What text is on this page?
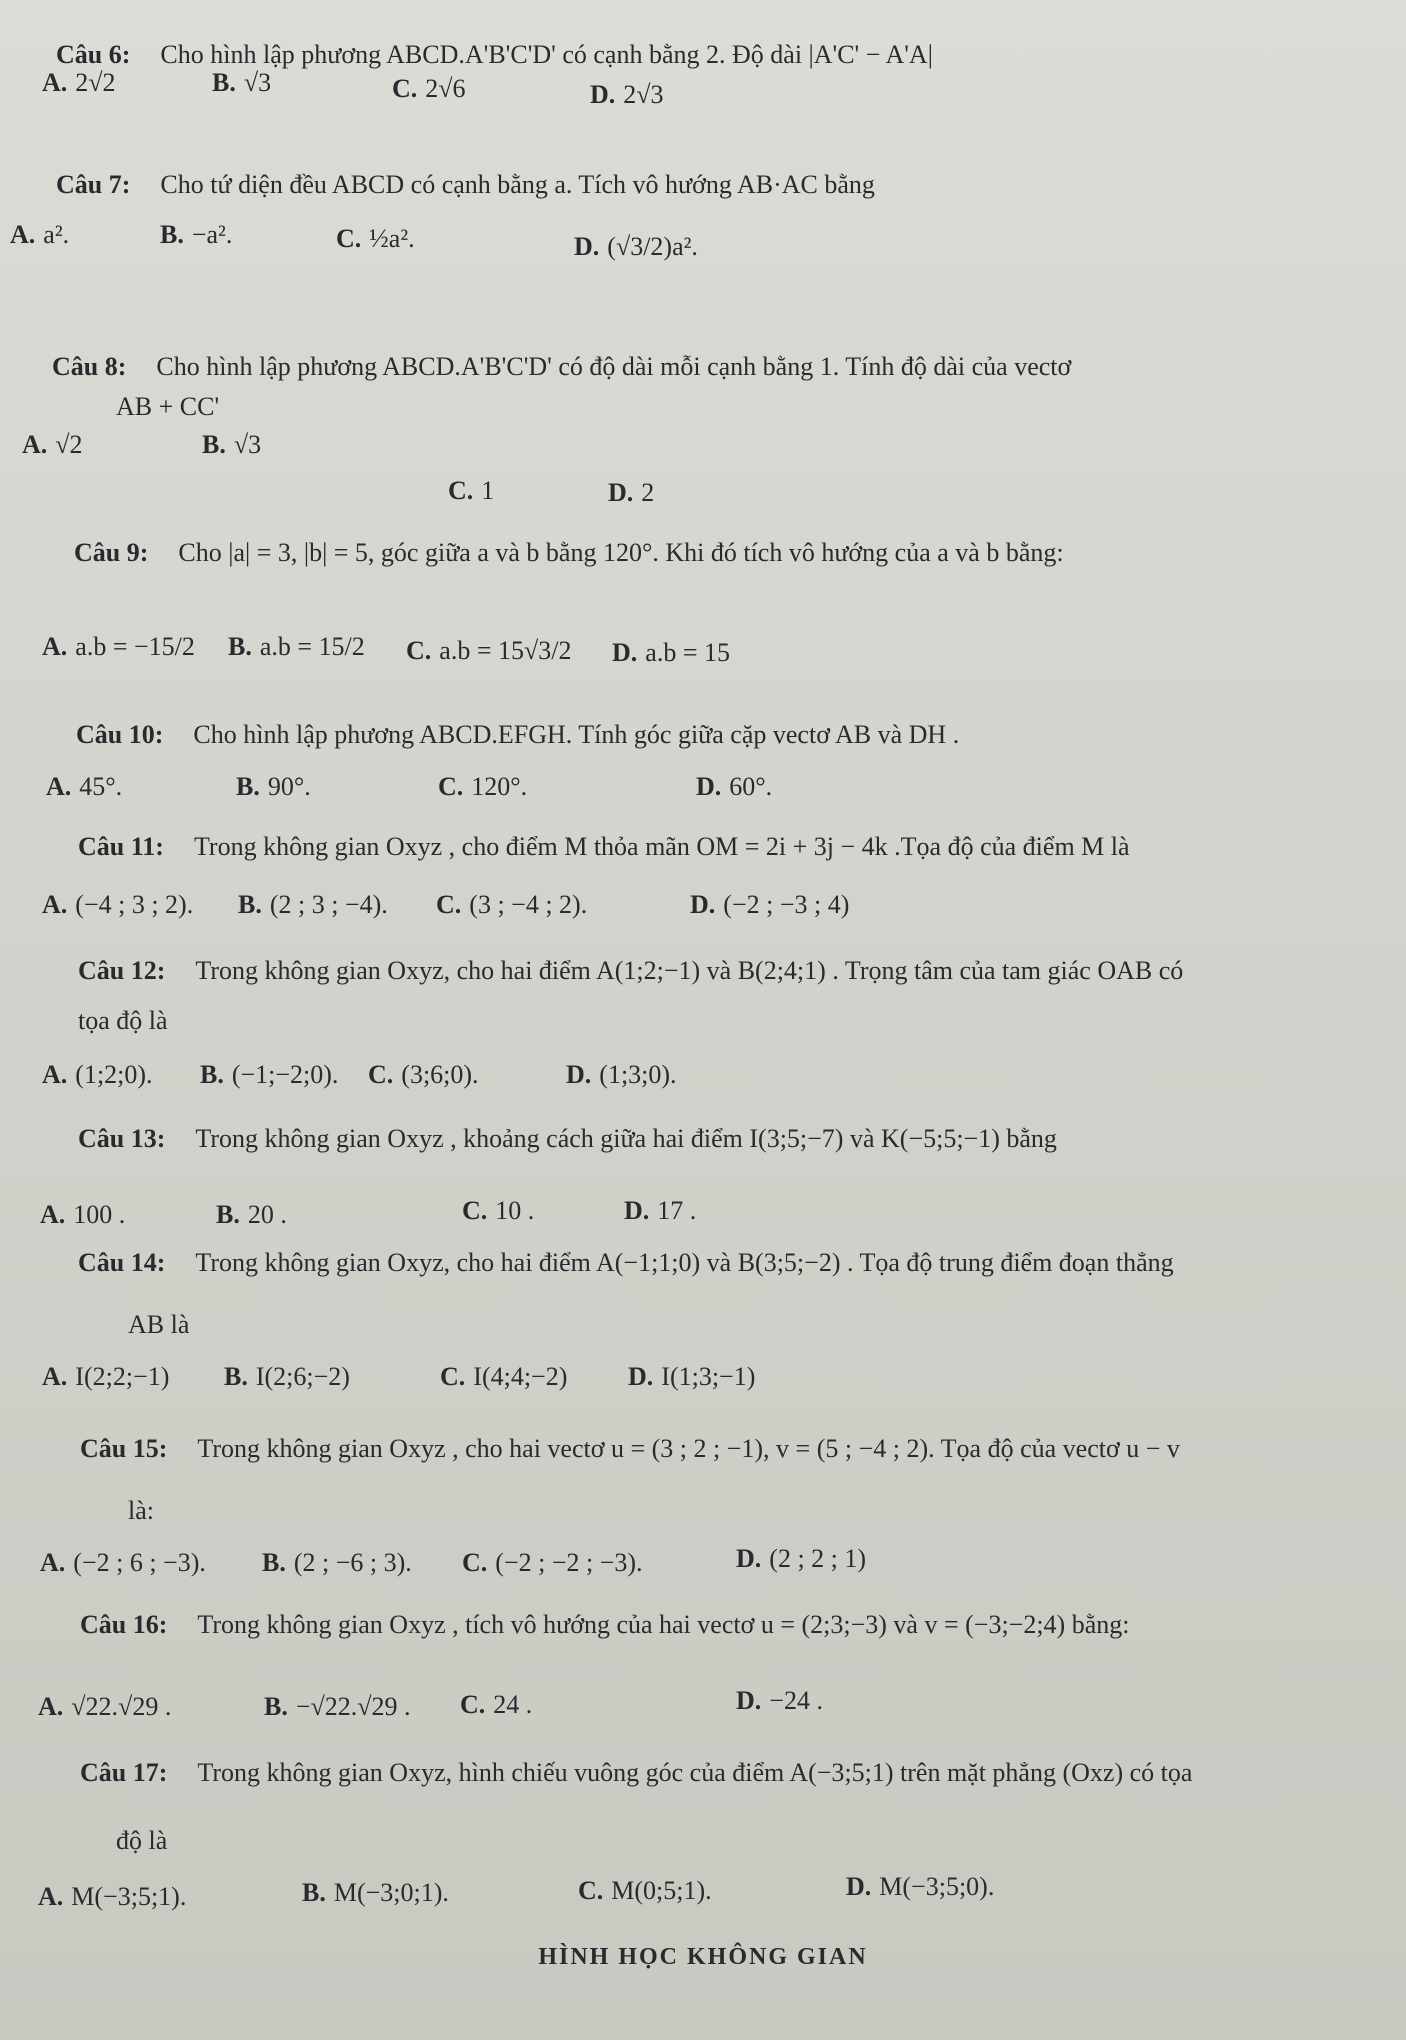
Câu 6: Cho hình lập phương ABCD.A'B'C'D' có cạnh bằng 2. Độ dài |A'C' − A'A|
A. 2√2	B. √3	C. 2√6	D. 2√3
Câu 7: Cho tứ diện đều ABCD có cạnh bằng a. Tích vô hướng AB·AC bằng
A. a².	B. −a².	C. ½a².	D. (√3/2)a².
Câu 8: Cho hình lập phương ABCD.A'B'C'D' có độ dài mỗi cạnh bằng 1. Tính độ dài của vectơ
AB + CC'
A. √2	B. √3
C. 1	D. 2
Câu 9: Cho |a| = 3, |b| = 5, góc giữa a và b bằng 120°. Khi đó tích vô hướng của a và b bằng:
A. a.b = −15/2 B. a.b = 15/2 C. a.b = 15√3/2 D. a.b = 15
Câu 10: Cho hình lập phương ABCD.EFGH. Tính góc giữa cặp vectơ AB và DH .
A. 45°.	B. 90°.	C. 120°.	D. 60°.
Câu 11: Trong không gian Oxyz , cho điểm M thỏa mãn OM = 2i + 3j − 4k .Tọa độ của điểm M là
A. (−4 ; 3 ; 2). B. (2 ; 3 ; −4). C. (3 ; −4 ; 2).	D. (−2 ; −3 ; 4)
Câu 12: Trong không gian Oxyz, cho hai điểm A(1;2;−1) và B(2;4;1) . Trọng tâm của tam giác OAB có
tọa độ là
A. (1;2;0). B. (−1;−2;0). C. (3;6;0).	D. (1;3;0).
Câu 13: Trong không gian Oxyz , khoảng cách giữa hai điểm I(3;5;−7) và K(−5;5;−1) bằng
A. 100 .	B. 20 .	C. 10 .	D. 17 .
Câu 14: Trong không gian Oxyz, cho hai điểm A(−1;1;0) và B(3;5;−2) . Tọa độ trung điểm đoạn thẳng
AB là
A. I(2;2;−1) B. I(2;6;−2)	C. I(4;4;−2) D. I(1;3;−1)
Câu 15: Trong không gian Oxyz , cho hai vectơ u = (3 ; 2 ; −1), v = (5 ; −4 ; 2). Tọa độ của vectơ u − v
là:
A. (−2 ; 6 ; −3). B. (2 ; −6 ; 3). C. (−2 ; −2 ; −3).	D. (2 ; 2 ; 1)
Câu 16: Trong không gian Oxyz , tích vô hướng của hai vectơ u = (2;3;−3) và v = (−3;−2;4) bằng:
A. √22.√29 .	B. −√22.√29 . C. 24 .	D. −24 .
Câu 17: Trong không gian Oxyz, hình chiếu vuông góc của điểm A(−3;5;1) trên mặt phẳng (Oxz) có tọa
độ là
A. M(−3;5;1).	B. M(−3;0;1).	C. M(0;5;1).	D. M(−3;5;0).
HÌNH HỌC KHÔNG GIAN
